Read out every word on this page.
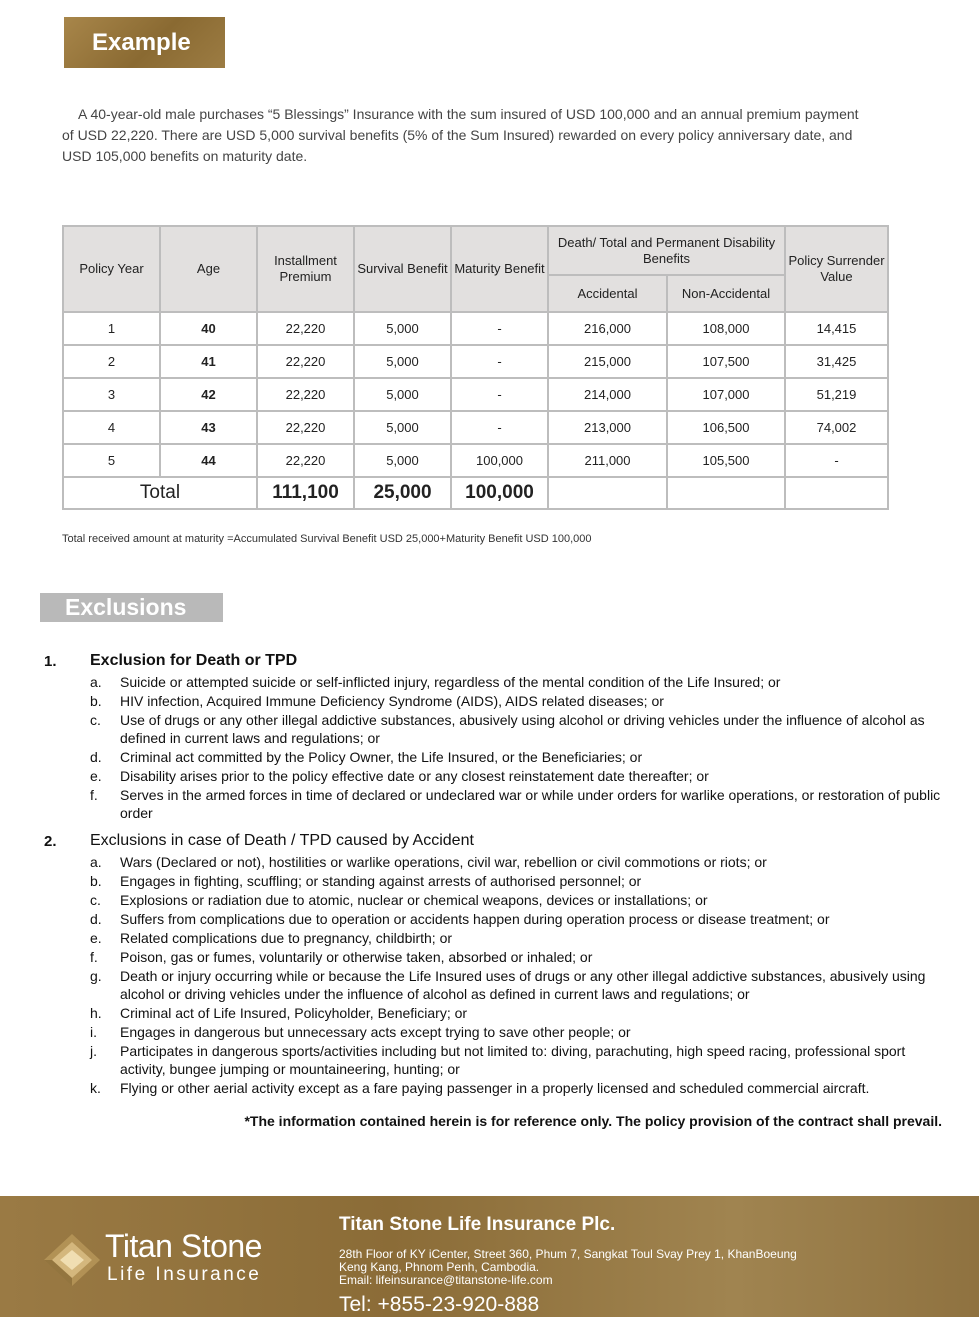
Example
A 40-year-old male purchases “5 Blessings” Insurance with the sum insured of USD 100,000 and an annual premium payment of USD 22,220. There are USD 5,000 survival benefits (5% of the Sum Insured) rewarded on every policy anniversary date, and USD 105,000 benefits on maturity date.
Policy Year	Age	Installment Premium	Survival Benefit	Maturity Benefit	Death/ Total and Permanent Disability Benefits		Policy Surrender Value
					Accidental	Non-Accidental	
1	40	22,220	5,000	-	216,000	108,000	14,415
2	41	22,220	5,000	-	215,000	107,500	31,425
3	42	22,220	5,000	-	214,000	107,000	51,219
4	43	22,220	5,000	-	213,000	106,500	74,002
5	44	22,220	5,000	100,000	211,000	105,500	-
Total		111,100	25,000	100,000			
Total received amount at maturity =Accumulated Survival Benefit USD 25,000+Maturity Benefit USD 100,000
Exclusions
1. Exclusion for Death or TPD
a. Suicide or attempted suicide or self-inflicted injury, regardless of the mental condition of the Life Insured; or
b. HIV infection, Acquired Immune Deficiency Syndrome (AIDS), AIDS related diseases; or
c. Use of drugs or any other illegal addictive substances, abusively using alcohol or driving vehicles under the influence of alcohol as defined in current laws and regulations; or
d. Criminal act committed by the Policy Owner, the Life Insured, or the Beneficiaries; or
e. Disability arises prior to the policy effective date or any closest reinstatement date thereafter; or
f. Serves in the armed forces in time of declared or undeclared war or while under orders for warlike operations, or restoration of public order
2. Exclusions in case of Death / TPD caused by Accident
a. Wars (Declared or not), hostilities or warlike operations, civil war, rebellion or civil commotions or riots; or
b. Engages in fighting, scuffling; or standing against arrests of authorised personnel; or
c. Explosions or radiation due to atomic, nuclear or chemical weapons, devices or installations; or
d. Suffers from complications due to operation or accidents happen during operation process or disease treatment; or
e. Related complications due to pregnancy, childbirth; or
f. Poison, gas or fumes, voluntarily or otherwise taken, absorbed or inhaled; or
g. Death or injury occurring while or because the Life Insured uses of drugs or any other illegal addictive substances, abusively using alcohol or driving vehicles under the influence of alcohol as defined in current laws and regulations; or
h. Criminal act of Life Insured, Policyholder, Beneficiary; or
i. Engages in dangerous but unnecessary acts except trying to save other people; or
j. Participates in dangerous sports/activities including but not limited to: diving, parachuting, high speed racing, professional sport activity, bungee jumping or mountaineering, hunting; or
k. Flying or other aerial activity except as a fare paying passenger in a properly licensed and scheduled commercial aircraft.
*The information contained herein is for reference only. The policy provision of the contract shall prevail.
Titan Stone
Life Insurance
Titan Stone Life Insurance Plc.
28th Floor of KY iCenter, Street 360, Phum 7, Sangkat Toul Svay Prey 1, KhanBoeung
Keng Kang, Phnom Penh, Cambodia.
Email: lifeinsurance@titanstone-life.com
Tel: +855-23-920-888
